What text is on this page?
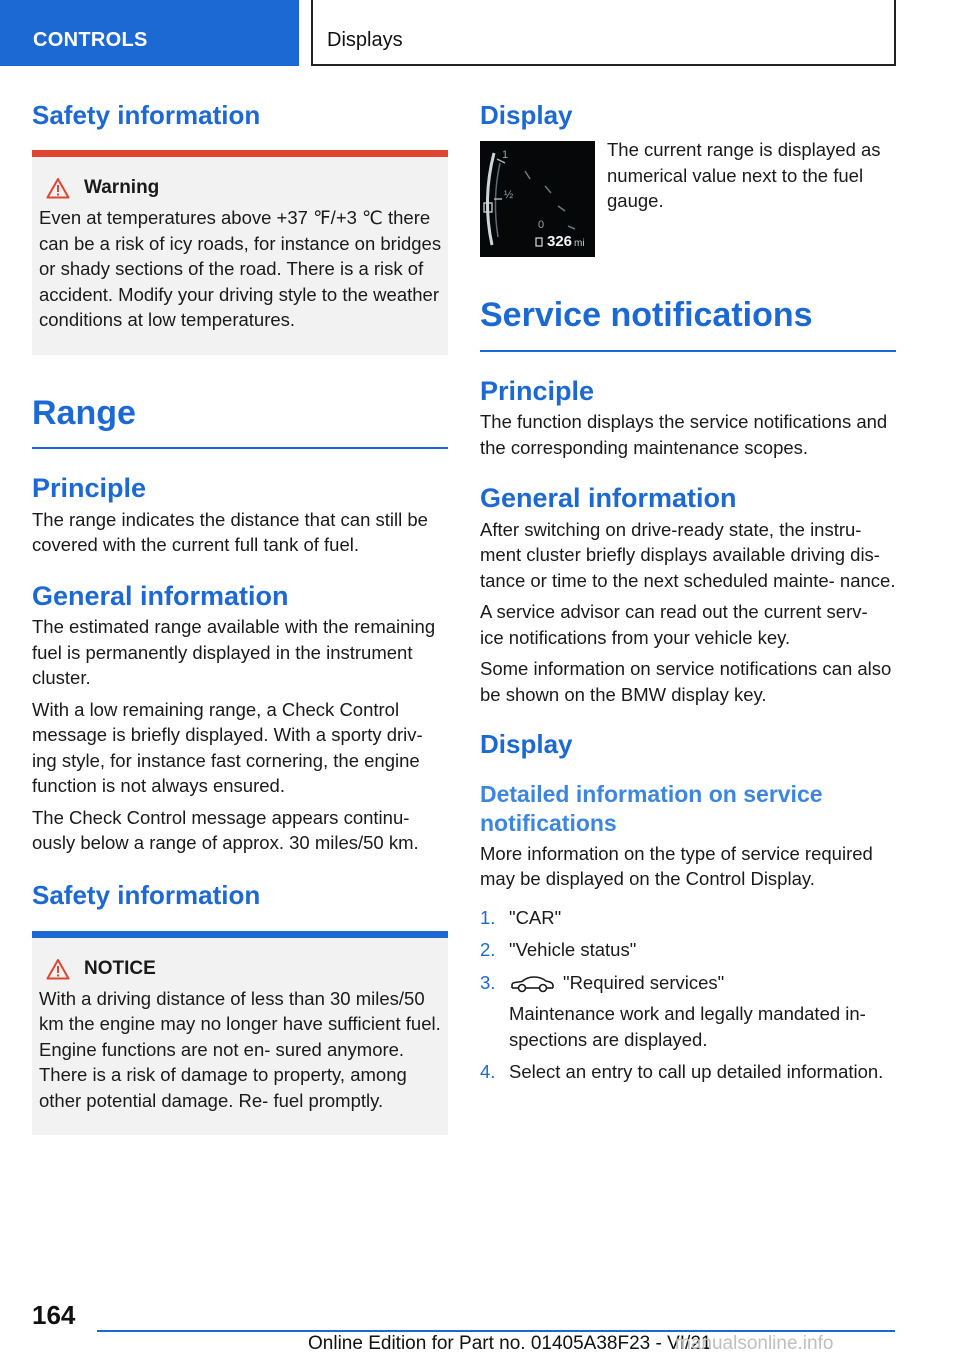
CONTROLS	Displays
Safety information
Warning

Even at temperatures above +37 ℉/+3 ℃ there can be a risk of icy roads, for instance on bridges or shady sections of the road. There is a risk of accident. Modify your driving style to the weather conditions at low temperatures.

Range
Principle

The range indicates the distance that can still be covered with the current full tank of fuel.

General information

The estimated range available with the remaining fuel is permanently displayed in the instrument cluster.

With a low remaining range, a Check Control message is briefly displayed. With a sporty driv‐ ing style, for instance fast cornering, the engine function is not always ensured.

The Check Control message appears continu‐ ously below a range of approx. 30 miles/50 km.

Safety information
NOTICE

With a driving distance of less than 30 miles/50 km the engine may no longer have sufficient fuel. Engine functions are not en‐ sured anymore. There is a risk of damage to property, among other potential damage. Re‐ fuel promptly.

Display
1
½
0
326 mi

The current range is displayed as numerical value next to the fuel gauge.

Service notifications
Principle

The function displays the service notifications and the corresponding maintenance scopes.

General information

After switching on drive-ready state, the instru‐ ment cluster briefly displays available driving dis‐ tance or time to the next scheduled mainte‐ nance.

A service advisor can read out the current serv‐ ice notifications from your vehicle key.

Some information on service notifications can also be shown on the BMW display key.

Display
Detailed information on service notifications

More information on the type of service required may be displayed on the Control Display.

1. "CAR"
2. "Vehicle status"
3.	"Required services"
Maintenance work and legally mandated in‐ spections are displayed.
4. Select an entry to call up detailed information.
164
Online Edition for Part no. 01405A38F23 - VI/21
manualsonline.info
